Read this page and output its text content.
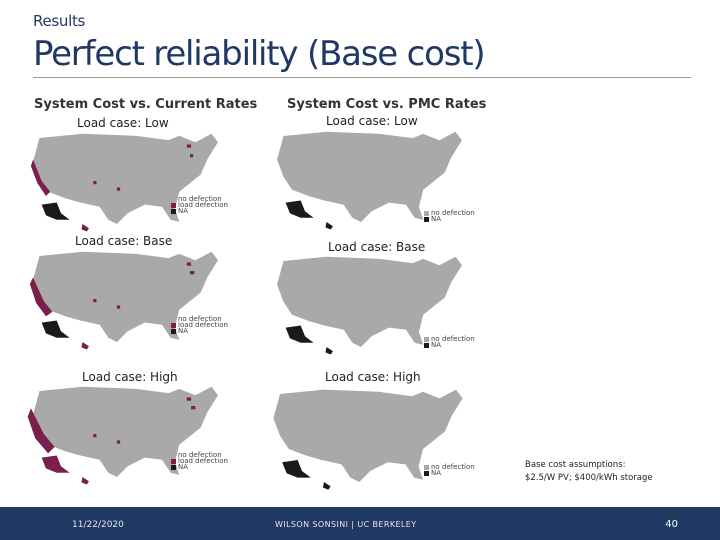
Results
Perfect reliability (Base cost)
System Cost vs. Current Rates System Cost vs. PMC Rates
Load case: Low
no defection
load defection
NA
Load case: Base
no defection
load defection
NA
Load case: High
no defection
load defection
NA
Load case: Low
no defection
NA
Load case: Base
no defection
NA
Load case: High
no defection
NA
Base cost assumptions:
$2.5/W PV; $400/kWh storage
11/22/2020	WILSON SONSINI | UC BERKELEY	40
